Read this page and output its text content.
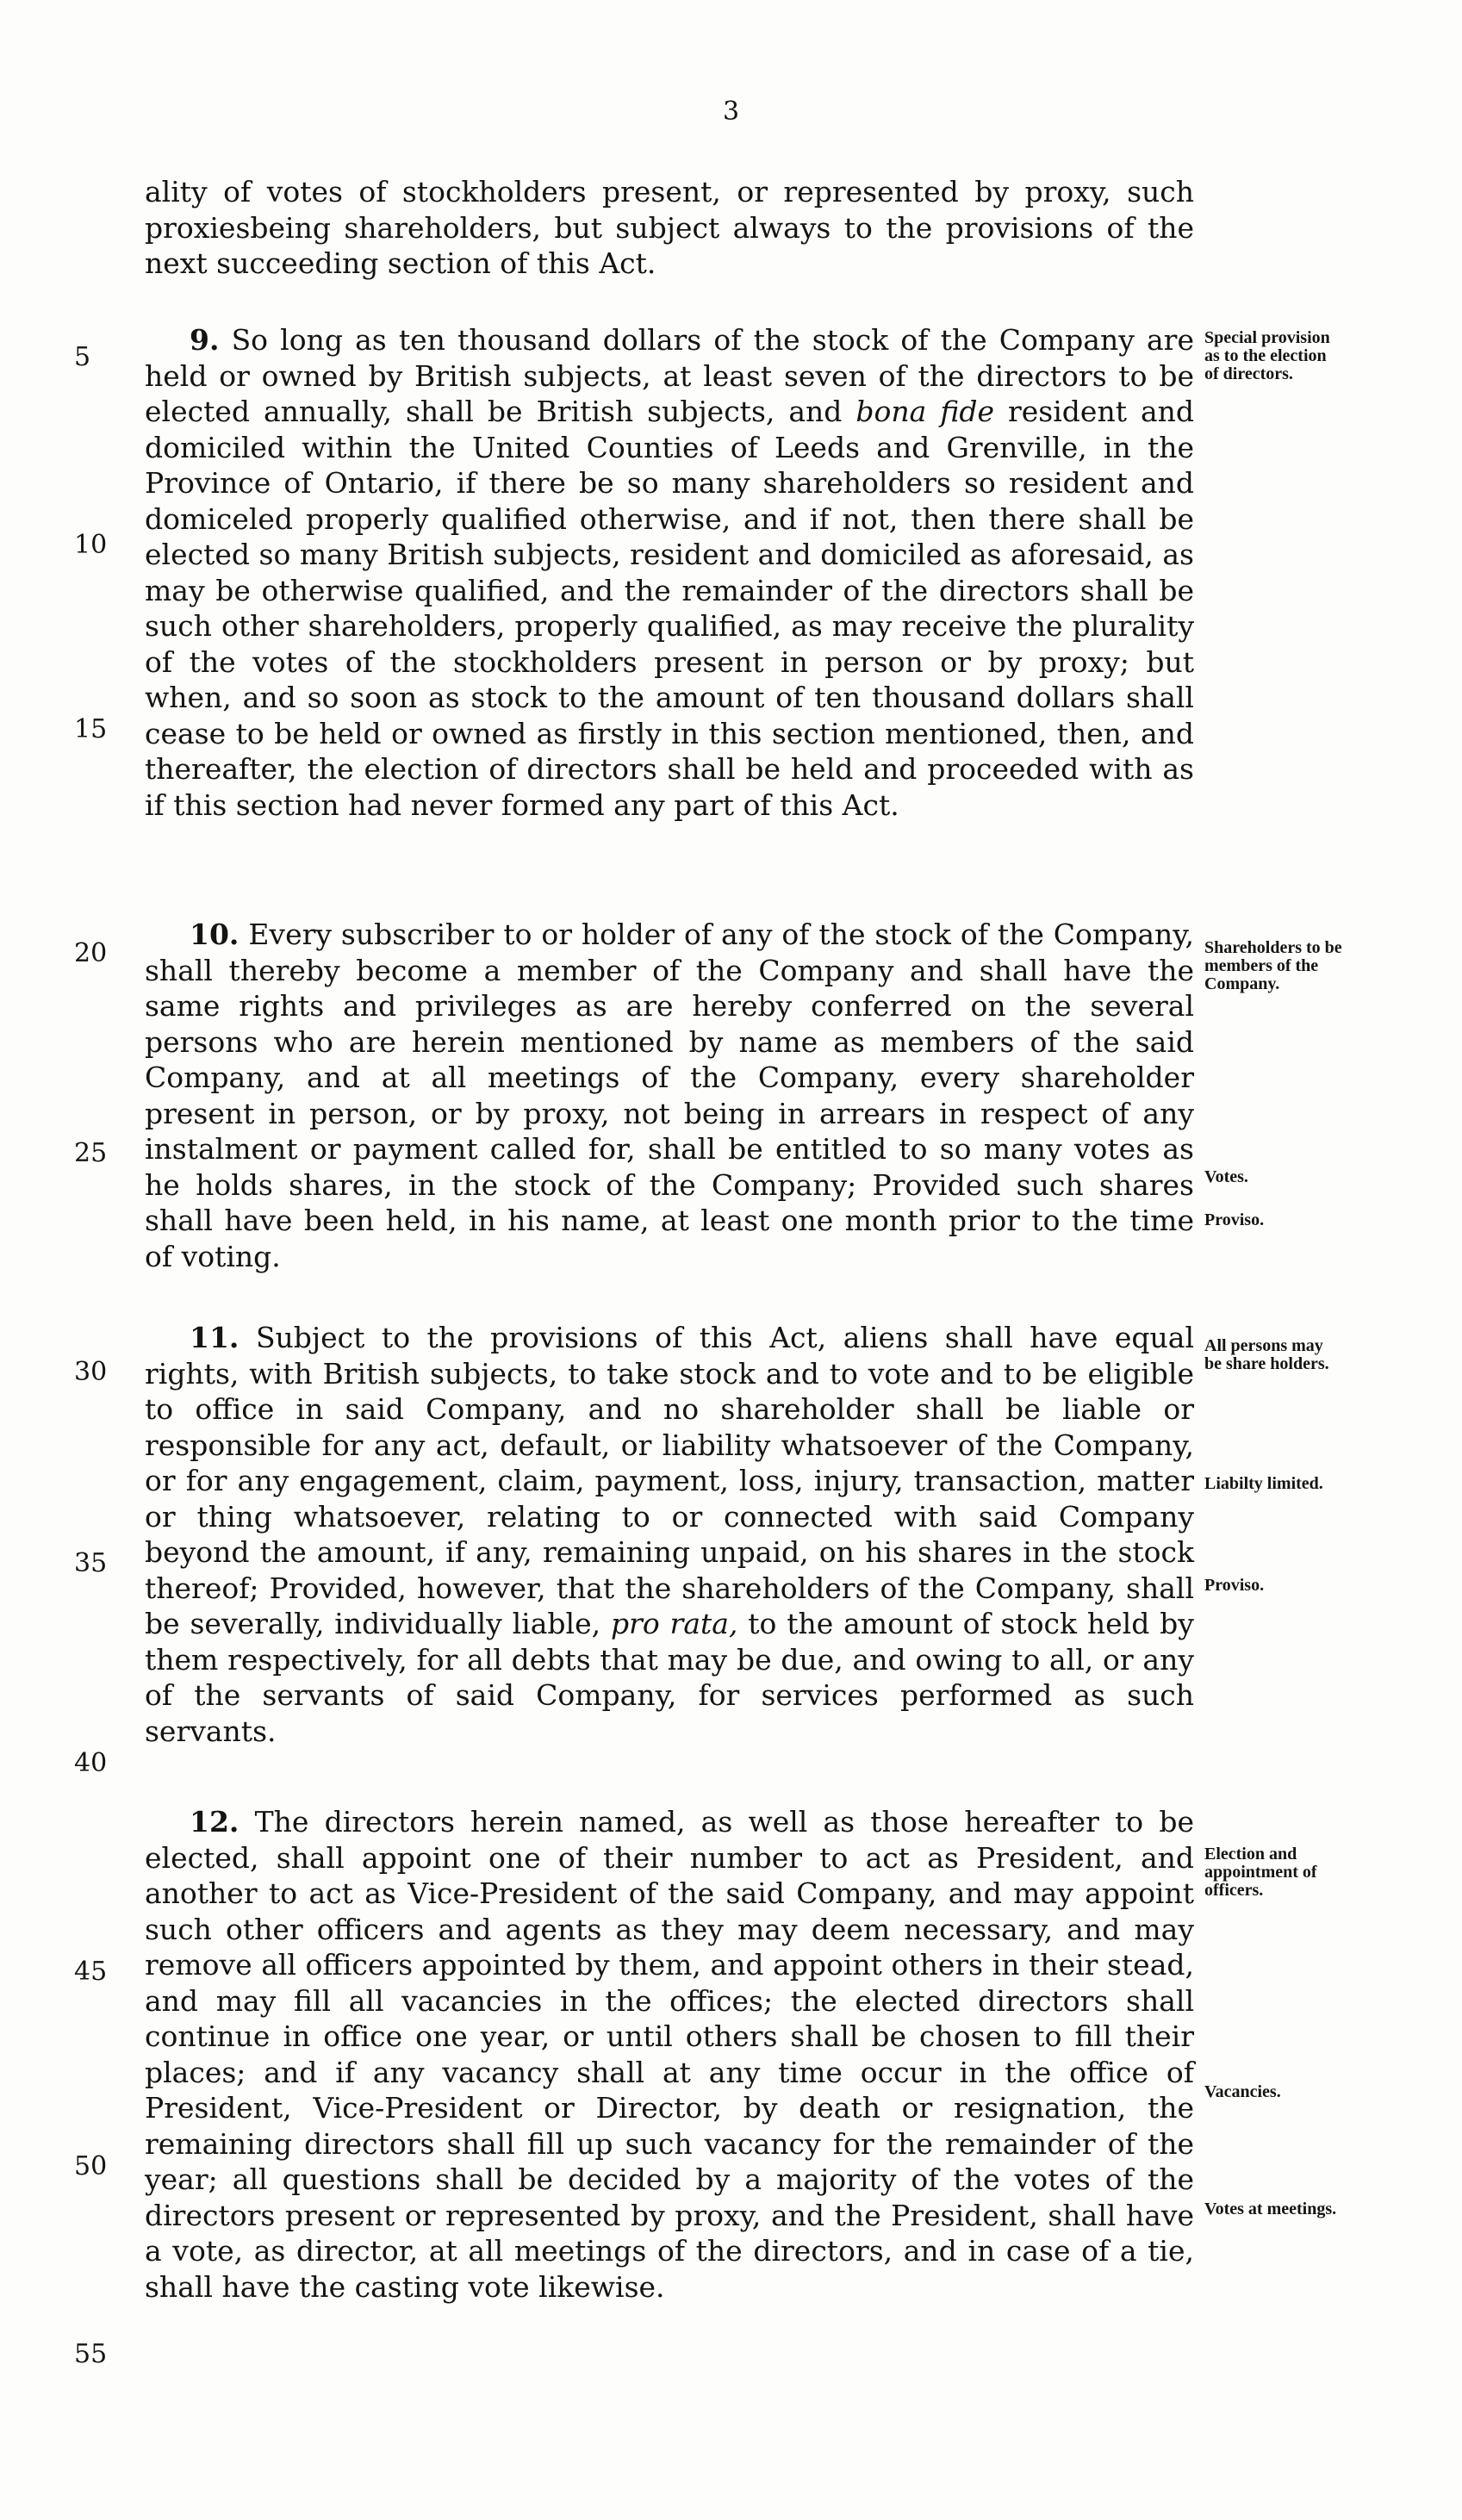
3

ality of votes of stockholders present, or represented by proxy, such proxiesbeing shareholders, but subject always to the provisions of the next succeeding section of this Act.

9. So long as ten thousand dollars of the stock of the Company are held or owned by British subjects, at least seven of the directors to be elected annually, shall be British subjects, and bona fide resident and domiciled within the United Counties of Leeds and Grenville, in the Province of Ontario, if there be so many shareholders so resident and domiceled properly qualified otherwise, and if not, then there shall be elected so many British subjects, resident and domiciled as aforesaid, as may be otherwise qualified, and the remainder of the directors shall be such other shareholders, properly qualified, as may receive the plurality of the votes of the stockholders present in person or by proxy; but when, and so soon as stock to the amount of ten thousand dollars shall cease to be held or owned as firstly in this section mentioned, then, and thereafter, the election of directors shall be held and proceeded with as if this section had never formed any part of this Act.

10. Every subscriber to or holder of any of the stock of the Company, shall thereby become a member of the Company and shall have the same rights and privileges as are hereby conferred on the several persons who are herein mentioned by name as members of the said Company, and at all meetings of the Company, every shareholder present in person, or by proxy, not being in arrears in respect of any instalment or payment called for, shall be entitled to so many votes as he holds shares, in the stock of the Company; Provided such shares shall have been held, in his name, at least one month prior to the time of voting.

11. Subject to the provisions of this Act, aliens shall have equal rights, with British subjects, to take stock and to vote and to be eligible to office in said Company, and no shareholder shall be liable or responsible for any act, default, or liability whatsoever of the Company, or for any engagement, claim, payment, loss, injury, transaction, matter or thing whatsoever, relating to or connected with said Company beyond the amount, if any, remaining unpaid, on his shares in the stock thereof; Provided, however, that the shareholders of the Company, shall be severally, individually liable, pro rata, to the amount of stock held by them respectively, for all debts that may be due, and owing to all, or any of the servants of said Company, for services performed as such servants.

12. The directors herein named, as well as those hereafter to be elected, shall appoint one of their number to act as President, and another to act as Vice-President of the said Company, and may appoint such other officers and agents as they may deem necessary, and may remove all officers appointed by them, and appoint others in their stead, and may fill all vacancies in the offices; the elected directors shall continue in office one year, or until others shall be chosen to fill their places; and if any vacancy shall at any time occur in the office of President, Vice-President or Director, by death or resignation, the remaining directors shall fill up such vacancy for the remainder of the year; all questions shall be decided by a majority of the votes of the directors present or represented by proxy, and the President, shall have a vote, as director, at all meetings of the directors, and in case of a tie, shall have the casting vote likewise.

5
10
15
20
25
30
35
40
45
50
55
Special provision as to the election of directors.
Shareholders to be members of the Company.
Votes.
Proviso.
All persons may be share holders.
Liabilty limited.
Proviso.
Election and appointment of officers.
Vacancies.
Votes at meetings.
